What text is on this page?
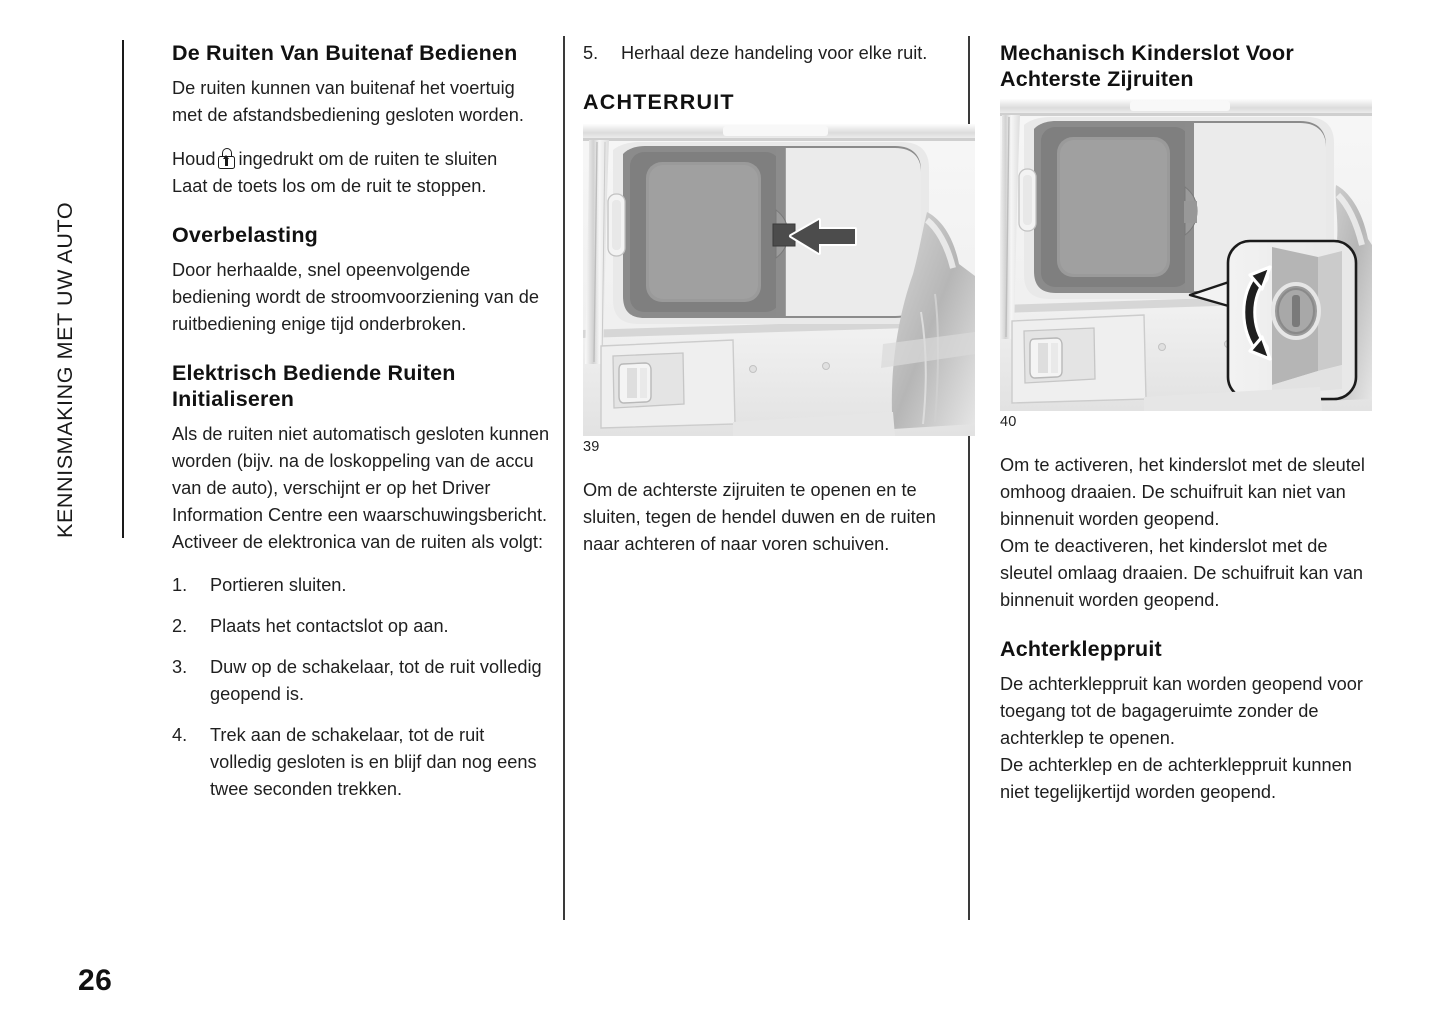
KENNISMAKING MET UW AUTO
De Ruiten Van Buitenaf Bedienen

De ruiten kunnen van buitenaf het voertuig met de afstandsbediening gesloten worden.

Houd ingedrukt om de ruiten te sluiten

Laat de toets los om de ruit te stoppen.

Overbelasting

Door herhaalde, snel opeenvolgende bediening wordt de stroomvoorziening van de ruitbediening enige tijd onderbroken.

Elektrisch Bediende Ruiten Initialiseren

Als de ruiten niet automatisch gesloten kunnen worden (bijv. na de loskoppeling van de accu van de auto), verschijnt er op het Driver Information Centre een waarschuwingsbericht. Activeer de elektronica van de ruiten als volgt:

1.	Portieren sluiten.
2.	Plaats het contactslot op aan.
3.	Duw op de schakelaar, tot de ruit volledig geopend is.
4.	Trek aan de schakelaar, tot de ruit volledig gesloten is en blijf dan nog eens twee seconden trekken.
5.	Herhaal deze handeling voor elke ruit.
ACHTERRUIT
39

Om de achterste zijruiten te openen en te sluiten, tegen de hendel duwen en de ruiten naar achteren of naar voren schuiven.

Mechanisch Kinderslot Voor Achterste Zijruiten
40

Om te activeren, het kinderslot met de sleutel omhoog draaien. De schuifruit kan niet van binnenuit worden geopend.

Om te deactiveren, het kinderslot met de sleutel omlaag draaien. De schuifruit kan van binnenuit worden geopend.

Achterkleppruit

De achterkleppruit kan worden geopend voor toegang tot de bagageruimte zonder de achterklep te openen.

De achterklep en de achterkleppruit kunnen niet tegelijkertijd worden geopend.

26
